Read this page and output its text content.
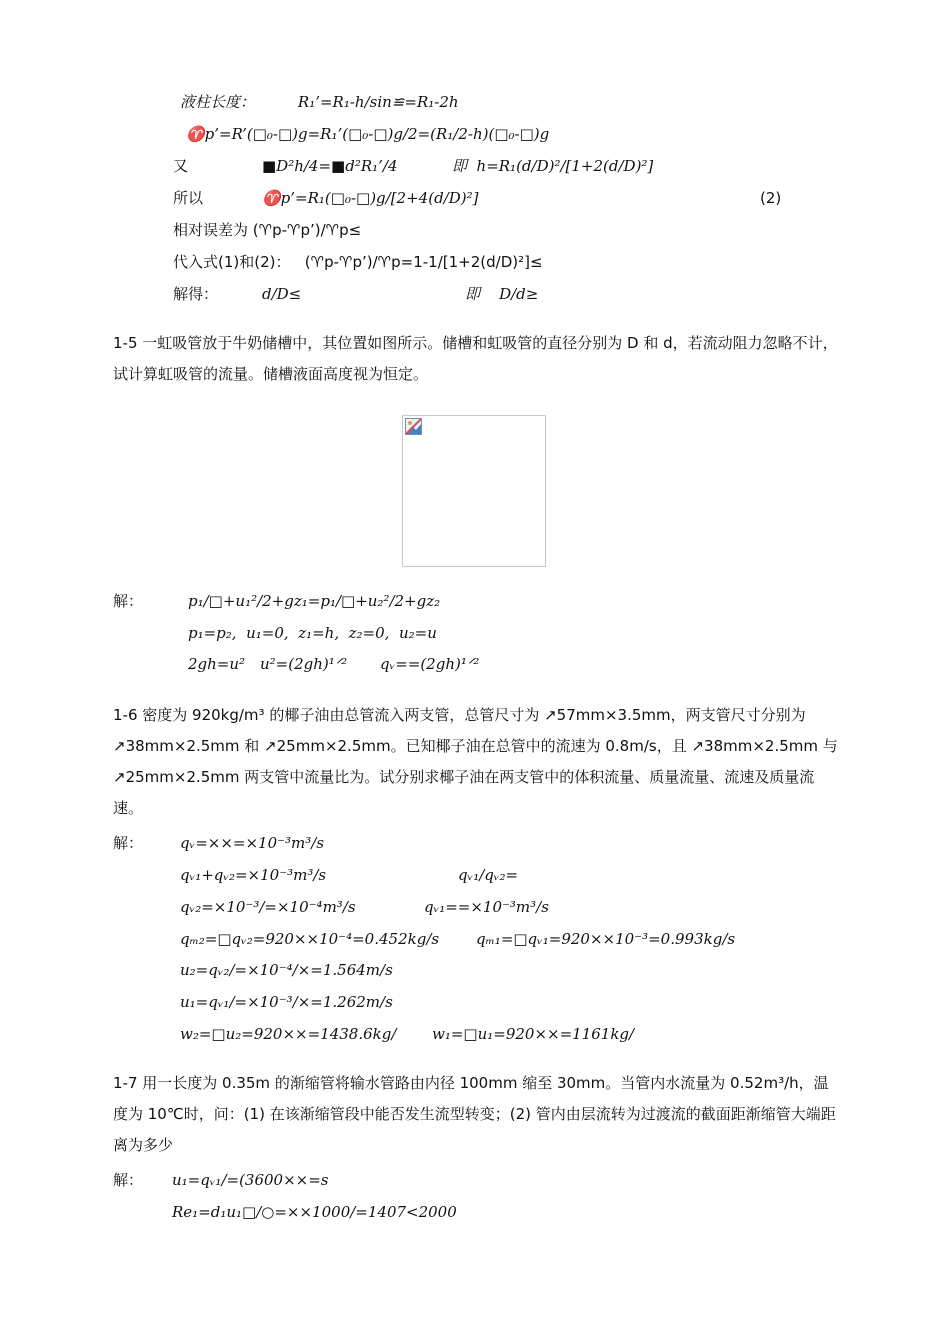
液柱长度：         R₁’=R₁-h/sin≌=R₁-2h
♈p’=R’(□₀-□)g=R₁’(□₀-□)g/2=(R₁/2-h)(□₀-□)g
又	■D²h/4=■d²R₁’/4	即  h=R₁(d/D)²/[1+2(d/D)²]
所以	♈p’=R₁(□₀-□)g/[2+4(d/D)²]	(2)
相对误差为 (♈p-♈p’)/♈p≤
代入式(1)和(2)：   (♈p-♈p’)/♈p=1-1/[1+2(d/D)²]≤
解得：	d/D≤	即    D/d≥
1-5 一虹吸管放于牛奶储槽中，其位置如图所示。储槽和虹吸管的直径分别为 D 和 d，若流动阻力忽略不计，试计算虹吸管的流量。储槽液面高度视为恒定。
解：	p₁/□+u₁²/2+gz₁=p₁/□+u₂²/2+gz₂
p₁=p₂,  u₁=0,  z₁=h,  z₂=0,  u₂=u
2gh=u² u²=(2gh)¹ᐟ² qᵥ==(2gh)¹ᐟ²
1-6 密度为 920kg/m³ 的椰子油由总管流入两支管，总管尺寸为 ↗57mm×3.5mm，两支管尺寸分别为 ↗38mm×2.5mm 和 ↗25mm×2.5mm。已知椰子油在总管中的流速为 0.8m/s，且 ↗38mm×2.5mm 与 ↗25mm×2.5mm 两支管中流量比为。试分别求椰子油在两支管中的体积流量、质量流量、流速及质量流速。
解： qᵥ=××=×10⁻³m³/s
qᵥ₁+qᵥ₂=×10⁻³m³/s	qᵥ₁/qᵥ₂=
qᵥ₂=×10⁻³/=×10⁻⁴m³/s	qᵥ₁==×10⁻³m³/s
qₘ₂=□qᵥ₂=920××10⁻⁴=0.452kg/s qₘ₁=□qᵥ₁=920××10⁻³=0.993kg/s
u₂=qᵥ₂/=×10⁻⁴/×=1.564m/s
u₁=qᵥ₁/=×10⁻³/×=1.262m/s
w₂=□u₂=920××=1438.6kg/ w₁=□u₁=920××=1161kg/
1-7 用一长度为 0.35m 的渐缩管将输水管路由内径 100mm 缩至 30mm。当管内水流量为 0.52m³/h，温度为 10℃时，问：(1) 在该渐缩管段中能否发生流型转变；(2) 管内由层流转为过渡流的截面距渐缩管大端距离为多少
解： u₁=qᵥ₁/=(3600××=s
Re₁=d₁u₁□/○=××1000/=1407<2000
